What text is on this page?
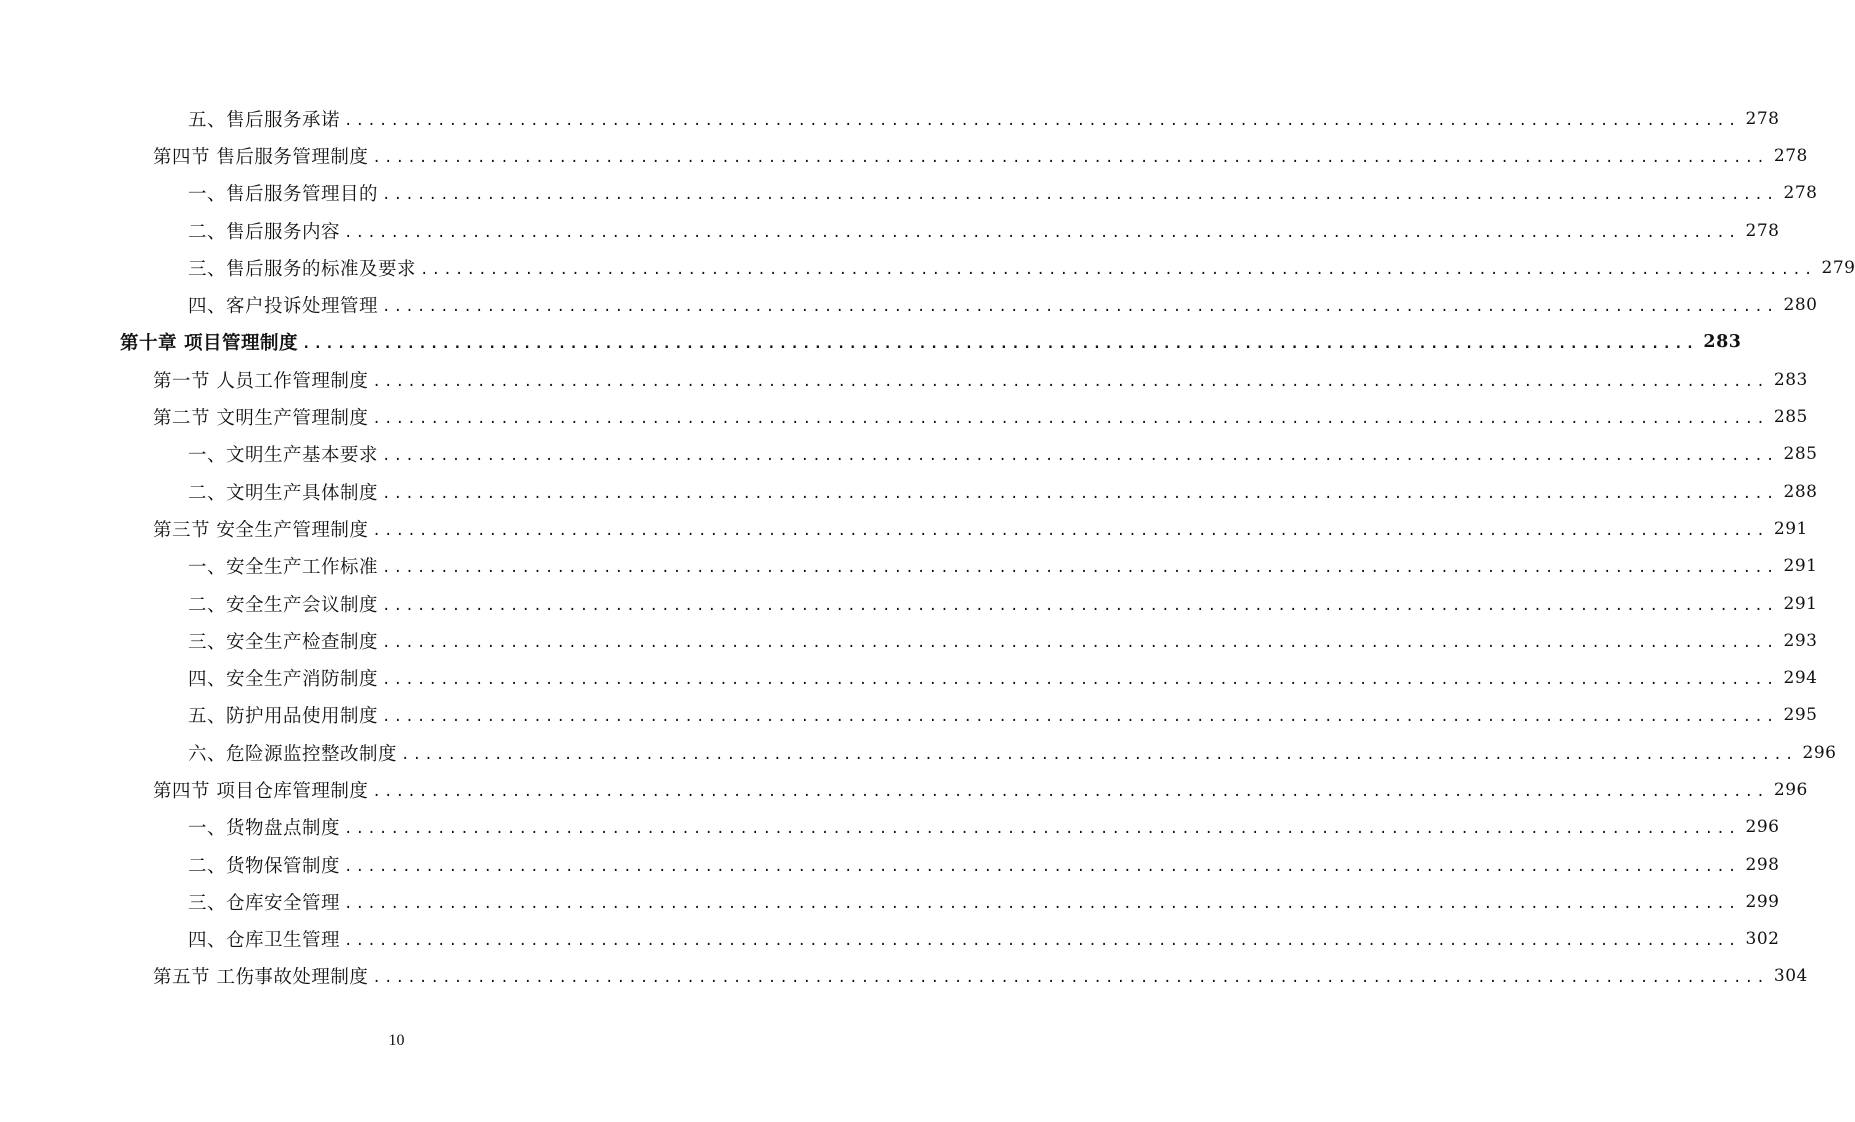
五、售后服务承诺 ........................................................................................................................ 278
第四节 售后服务管理制度 ........................................................................................................................ 278
一、售后服务管理目的 ........................................................................................................................ 278
二、售后服务内容 ........................................................................................................................ 278
三、售后服务的标准及要求 ........................................................................................................................ 279
四、客户投诉处理管理 ........................................................................................................................ 280
第十章 项目管理制度 ........................................................................................................................ 283
第一节 人员工作管理制度 ........................................................................................................................ 283
第二节 文明生产管理制度 ........................................................................................................................ 285
一、文明生产基本要求 ........................................................................................................................ 285
二、文明生产具体制度 ........................................................................................................................ 288
第三节 安全生产管理制度 ........................................................................................................................ 291
一、安全生产工作标准 ........................................................................................................................ 291
二、安全生产会议制度 ........................................................................................................................ 291
三、安全生产检查制度 ........................................................................................................................ 293
四、安全生产消防制度 ........................................................................................................................ 294
五、防护用品使用制度 ........................................................................................................................ 295
六、危险源监控整改制度 ........................................................................................................................ 296
第四节 项目仓库管理制度 ........................................................................................................................ 296
一、货物盘点制度 ........................................................................................................................ 296
二、货物保管制度 ........................................................................................................................ 298
三、仓库安全管理 ........................................................................................................................ 299
四、仓库卫生管理 ........................................................................................................................ 302
第五节 工伤事故处理制度 ........................................................................................................................ 304
10
